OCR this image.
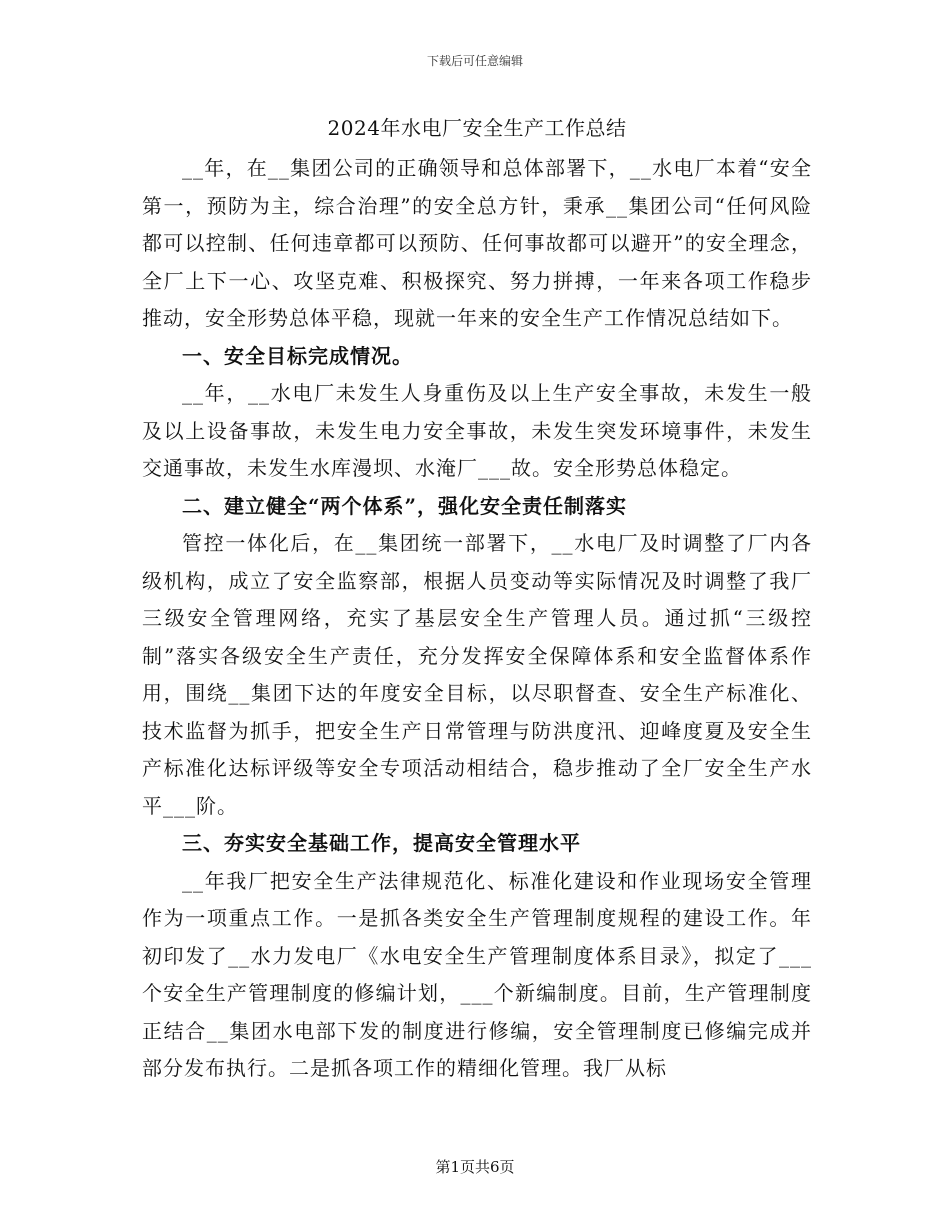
下载后可任意编辑
2024年水电厂安全生产工作总结

__年，在__集团公司的正确领导和总体部署下，__水电厂本着“安全第一，预防为主，综合治理”的安全总方针，秉承__集团公司“任何风险都可以控制、任何违章都可以预防、任何事故都可以避开”的安全理念，全厂上下一心、攻坚克难、积极探究、努力拼搏，一年来各项工作稳步推动，安全形势总体平稳，现就一年来的安全生产工作情况总结如下。

一、安全目标完成情况。

__年，__水电厂未发生人身重伤及以上生产安全事故，未发生一般及以上设备事故，未发生电力安全事故，未发生突发环境事件，未发生交通事故，未发生水库漫坝、水淹厂___故。安全形势总体稳定。

二、建立健全“两个体系”，强化安全责任制落实

管控一体化后，在__集团统一部署下，__水电厂及时调整了厂内各级机构，成立了安全监察部，根据人员变动等实际情况及时调整了我厂三级安全管理网络，充实了基层安全生产管理人员。通过抓“三级控制”落实各级安全生产责任，充分发挥安全保障体系和安全监督体系作用，围绕__集团下达的年度安全目标，以尽职督查、安全生产标准化、技术监督为抓手，把安全生产日常管理与防洪度汛、迎峰度夏及安全生产标准化达标评级等安全专项活动相结合，稳步推动了全厂安全生产水平___阶。

三、夯实安全基础工作，提高安全管理水平

__年我厂把安全生产法律规范化、标准化建设和作业现场安全管理作为一项重点工作。一是抓各类安全生产管理制度规程的建设工作。年初印发了__水力发电厂《水电安全生产管理制度体系目录》，拟定了___个安全生产管理制度的修编计划，___个新编制度。目前，生产管理制度正结合__集团水电部下发的制度进行修编，安全管理制度已修编完成并部分发布执行。二是抓各项工作的精细化管理。我厂从标

第1页共6页
